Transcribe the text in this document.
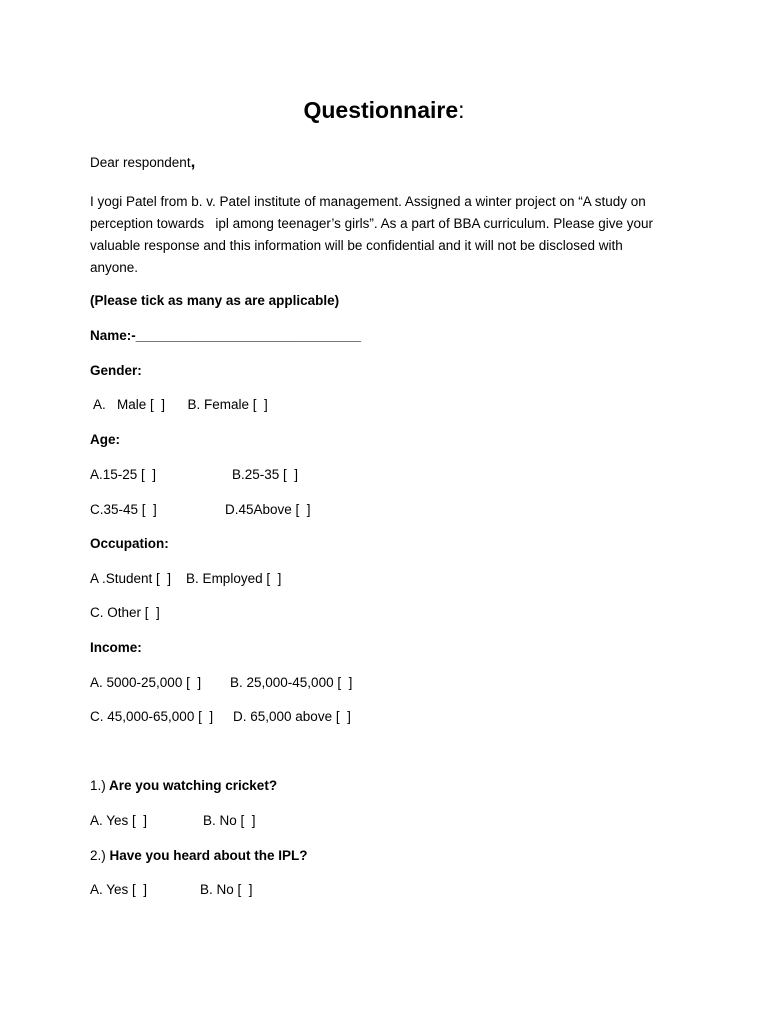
Questionnaire:
Dear respondent,
I yogi Patel from b. v. Patel institute of management. Assigned a winter project on “A study on
perception towards   ipl among teenager’s girls”. As a part of BBA curriculum. Please give your
valuable response and this information will be confidential and it will not be disclosed with
anyone.
(Please tick as many as are applicable)
Name:-______________________________
Gender:
A.   Male [  ]      B. Female [  ]
Age:
A.15-25 [  ]	B.25-35 [  ]
C.35-45 [  ]	D.45Above [  ]
Occupation:
A .Student [  ]    B. Employed [  ]
C. Other [  ]
Income:
A. 5000-25,000 [  ] B. 25,000-45,000 [  ]
C. 45,000-65,000 [  ] D. 65,000 above [  ]
1.) Are you watching cricket?
A. Yes [  ]	B. No [  ]
2.) Have you heard about the IPL?
A. Yes [  ]	B. No [  ]
